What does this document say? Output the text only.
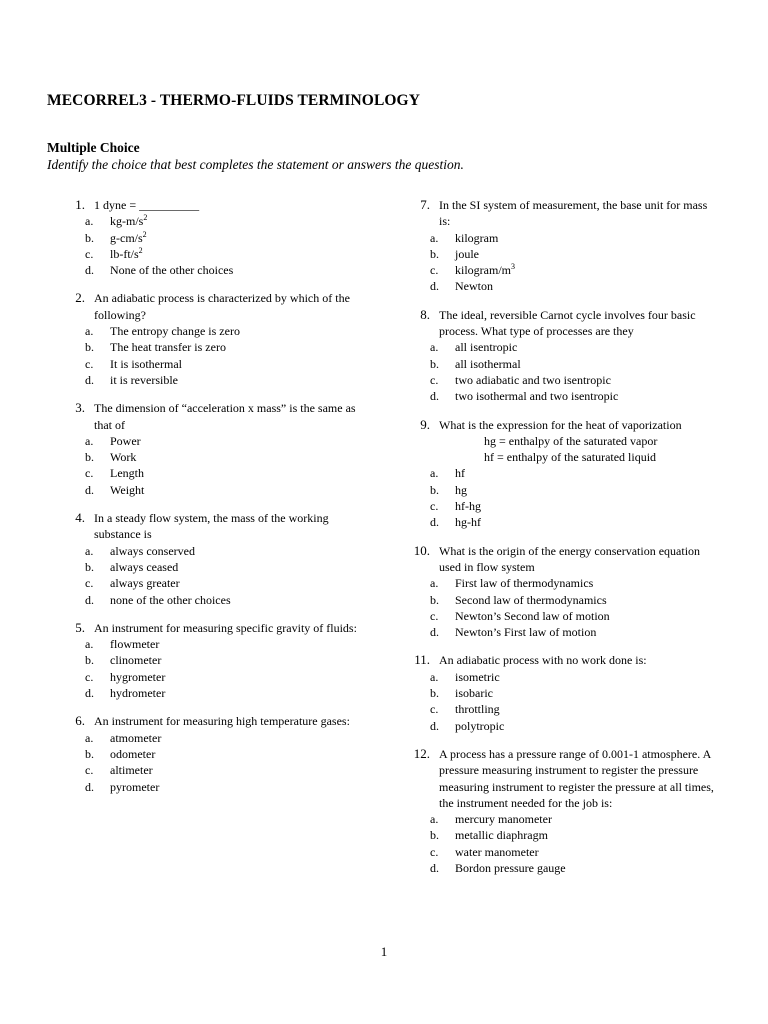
MECORREL3 - THERMO-FLUIDS TERMINOLOGY
Multiple Choice
Identify the choice that best completes the statement or answers the question.
1. 1 dyne = __________
a.	$kg-m/s^2$
b.	$g-cm/s^2$
c.	$lb-ft/s^2$
d.	None of the other choices
2. An adiabatic process is characterized by which of the
following?
a.	The entropy change is zero
b.	The heat transfer is zero
c.	It is isothermal
d.	it is reversible
3. The dimension of “acceleration x mass” is the same as
that of
a.	Power
b.	Work
c.	Length
d.	Weight
4. In a steady flow system, the mass of the working
substance is
a.	always conserved
b.	always ceased
c.	always greater
d.	none of the other choices
5. An instrument for measuring specific gravity of fluids:
a.	flowmeter
b.	clinometer
c.	hygrometer
d.	hydrometer
6. An instrument for measuring high temperature gases:
a.	atmometer
b.	odometer
c.	altimeter
d.	pyrometer
7. In the SI system of measurement, the base unit for mass
is:
a.	kilogram
b.	joule
c.	kilogram/$m^3$
d.	Newton
8. The ideal, reversible Carnot cycle involves four basic
process. What type of processes are they
a.	all isentropic
b.	all isothermal
c.	two adiabatic and two isentropic
d.	two isothermal and two isentropic
9. What is the expression for the heat of vaporization
hg = enthalpy of the saturated vapor
hf = enthalpy of the saturated liquid
a.	hf
b.	hg
c.	hf-hg
d.	hg-hf
10. What is the origin of the energy conservation equation
used in flow system
a.	First law of thermodynamics
b.	Second law of thermodynamics
c.	Newton’s Second law of motion
d.	Newton’s First law of motion
11. An adiabatic process with no work done is:
a.	isometric
b.	isobaric
c.	throttling
d.	polytropic
12. A process has a pressure range of 0.001-1 atmosphere. A
pressure measuring instrument to register the pressure
measuring instrument to register the pressure at all times,
the instrument needed for the job is:
a.	mercury manometer
b.	metallic diaphragm
c.	water manometer
d.	Bordon pressure gauge
1
